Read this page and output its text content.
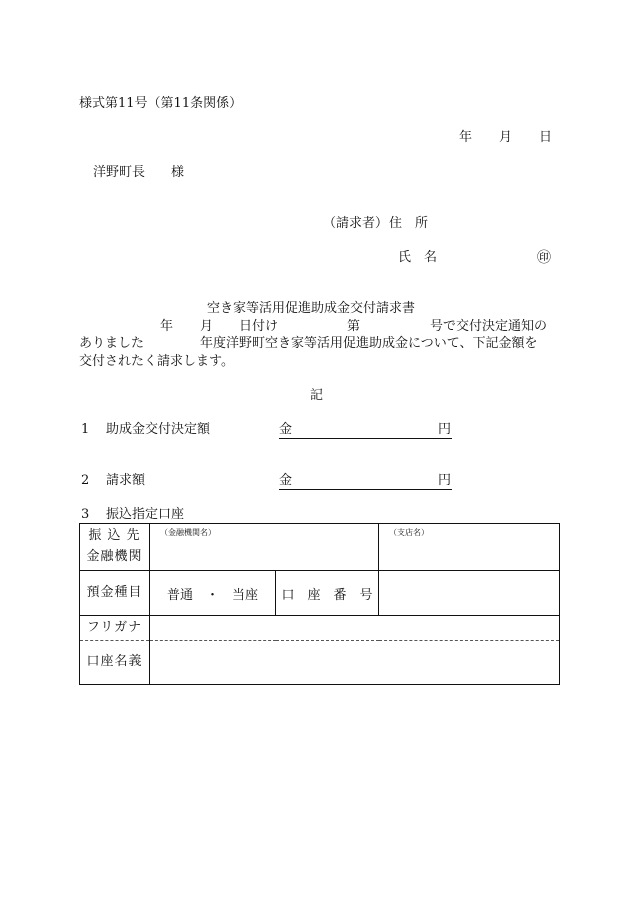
様式第11号（第11条関係）
年 月 日
洋野町長 様
（請求者） 住　所
氏　名	㊞
空き家等活用促進助成金交付請求書
年 月 日付け	第	号で交付決定通知の
ありました	年度洋野町空き家等活用促進助成金について、下記金額を
交付されたく請求します。
記
1 助成金交付決定額	金	円
2 請求額	金	円
3 振込指定口座
振 込 先
金融機関	（金融機関名）		（支店名）

預金種目	普通　・　当座	口　座　番　号	
フリガナ			
口座名義			
